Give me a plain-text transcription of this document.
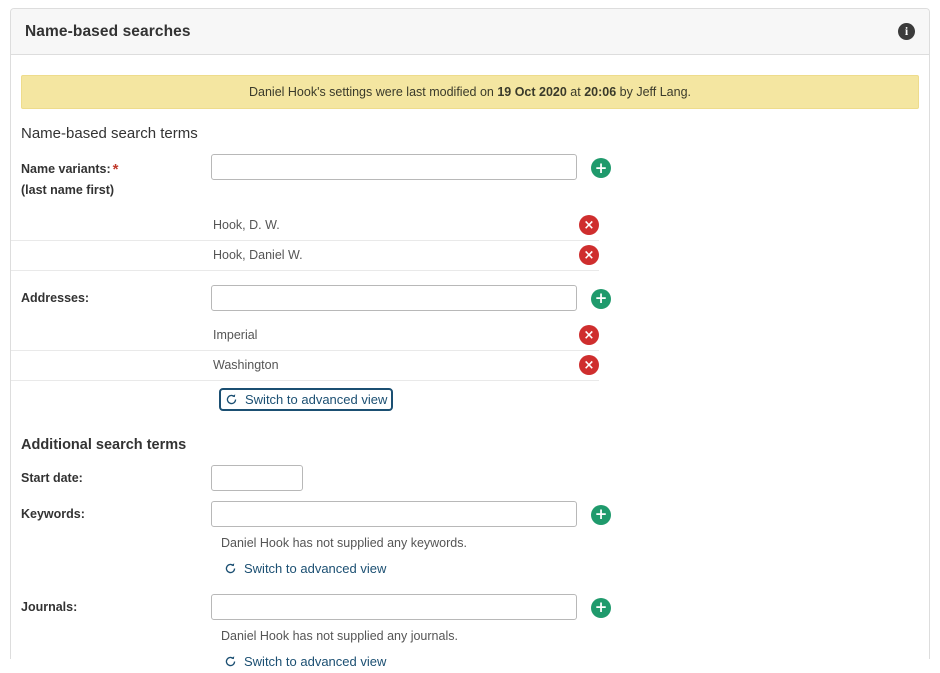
Name-based searches	i
Daniel Hook's settings were last modified on 19 Oct 2020 at 20:06 by Jeff Lang.
Name-based search terms
Name variants: *
(last name first)
+
Hook, D. W.	×
Hook, Daniel W.	×
Addresses:	+
Imperial	×
Washington	×
Switch to advanced view
Additional search terms
Start date:
Keywords:	+
Daniel Hook has not supplied any keywords.
Switch to advanced view
Journals:	+
Daniel Hook has not supplied any journals.
Switch to advanced view
